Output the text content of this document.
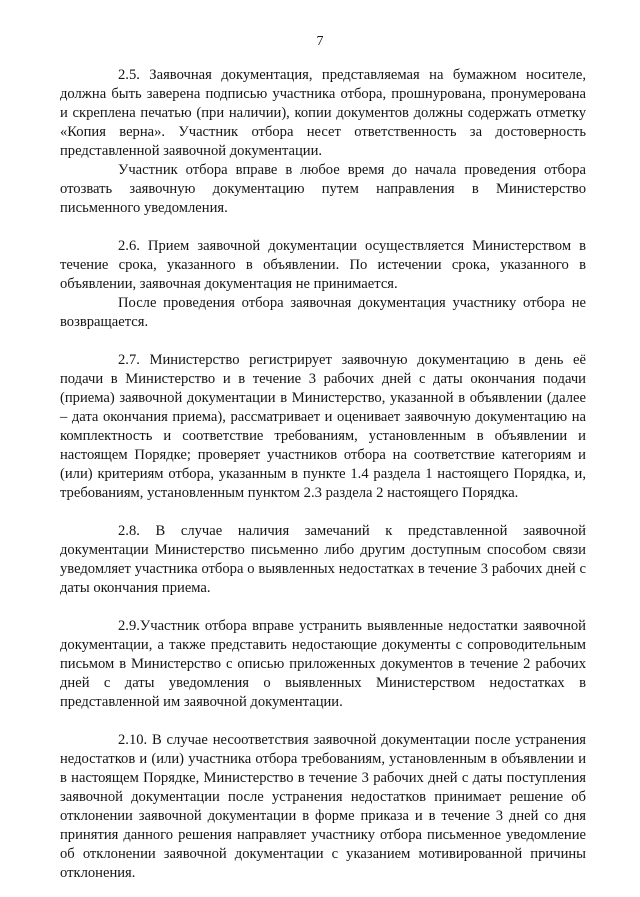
7

2.5. Заявочная документация, представляемая на бумажном носителе, должна быть заверена подписью участника отбора, прошнурована, пронумерована и скреплена печатью (при наличии), копии документов должны содержать отметку «Копия верна». Участник отбора несет ответственность за достоверность представленной заявочной документации.

Участник отбора вправе в любое время до начала проведения отбора отозвать заявочную документацию путем направления в Министерство письменного уведомления.

2.6. Прием заявочной документации осуществляется Министерством в течение срока, указанного в объявлении. По истечении срока, указанного в объявлении, заявочная документация не принимается.

После проведения отбора заявочная документация участнику отбора не возвращается.

2.7. Министерство регистрирует заявочную документацию в день её подачи в Министерство и в течение 3 рабочих дней с даты окончания подачи (приема) заявочной документации в Министерство, указанной в объявлении (далее – дата окончания приема), рассматривает и оценивает заявочную документацию на комплектность и соответствие требованиям, установленным в объявлении и настоящем Порядке; проверяет участников отбора на соответствие категориям и (или) критериям отбора, указанным в пункте 1.4 раздела 1 настоящего Порядка, и, требованиям, установленным пунктом 2.3 раздела 2 настоящего Порядка.

2.8. В случае наличия замечаний к представленной заявочной документации Министерство письменно либо другим доступным способом связи уведомляет участника отбора о выявленных недостатках в течение 3 рабочих дней с даты окончания приема.

2.9.Участник отбора вправе устранить выявленные недостатки заявочной документации, а также представить недостающие документы с сопроводительным письмом в Министерство с описью приложенных документов в течение 2 рабочих дней с даты уведомления о выявленных Министерством недостатках в представленной им заявочной документации.

2.10. В случае несоответствия заявочной документации после устранения недостатков и (или) участника отбора требованиям, установленным в объявлении и в настоящем Порядке, Министерство в течение 3 рабочих дней с даты поступления заявочной документации после устранения недостатков принимает решение об отклонении заявочной документации в форме приказа и в течение 3 дней со дня принятия данного решения направляет участнику отбора письменное уведомление об отклонении заявочной документации с указанием мотивированной причины отклонения.
